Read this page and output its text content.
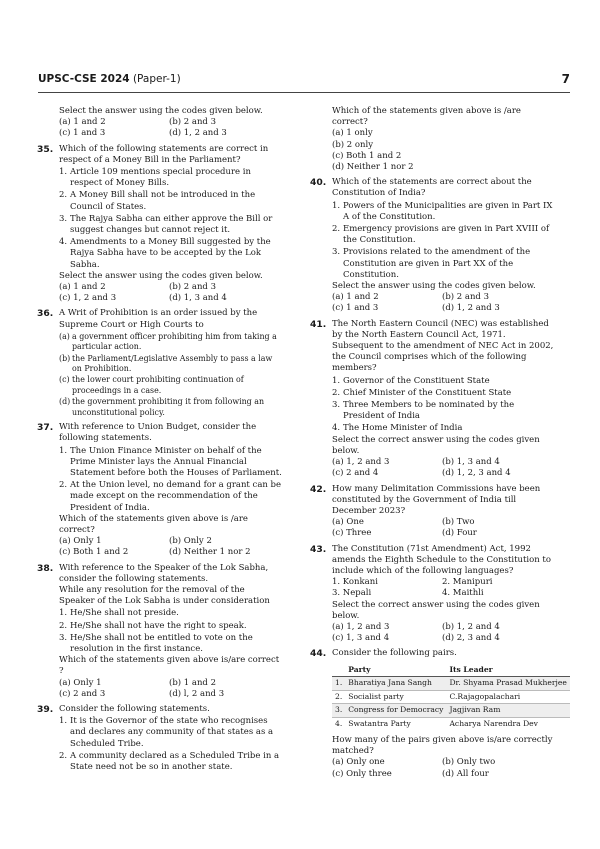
UPSC-CSE 2024 (Paper-1)	7
Select the answer using the codes given below.
(a) 1 and 2	(b) 2 and 3
(c) 1 and 3	(d) 1, 2 and 3
35. Which of the following statements are correct in respect of a Money Bill in the Parliament?
1. Article 109 mentions special procedure in respect of Money Bills.
2. A Money Bill shall not be introduced in the Council of States.
3. The Rajya Sabha can either approve the Bill or suggest changes but cannot reject it.
4. Amendments to a Money Bill suggested by the Rajya Sabha have to be accepted by the Lok Sabha.
Select the answer using the codes given below.
(a) 1 and 2	(b) 2 and 3
(c) 1, 2 and 3	(d) 1, 3 and 4
36. A Writ of Prohibition is an order issued by the Supreme Court or High Courts to
(a) a government officer prohibiting him from taking a particular action.
(b) the Parliament/Legislative Assembly to pass a law on Prohibition.
(c) the lower court prohibiting continuation of proceedings in a case.
(d) the government prohibiting it from following an unconstitutional policy.
37. With reference to Union Budget, consider the following statements.
1. The Union Finance Minister on behalf of the Prime Minister lays the Annual Financial Statement before both the Houses of Parliament.
2. At the Union level, no demand for a grant can be made except on the recommendation of the President of India.
Which of the statements given above is /are correct?
(a) Only 1	(b) Only 2
(c) Both 1 and 2	(d) Neither 1 nor 2
38. With reference to the Speaker of the Lok Sabha, consider the following statements.
While any resolution for the removal of the Speaker of the Lok Sabha is under consideration
1. He/She shall not preside.
2. He/She shall not have the right to speak.
3. He/She shall not be entitled to vote on the resolution in the first instance.
Which of the statements given above is/are correct ?
(a) Only 1	(b) 1 and 2
(c) 2 and 3	(d) l, 2 and 3
39. Consider the following statements.
1. It is the Governor of the state who recognises and declares any community of that states as a Scheduled Tribe.
2. A community declared as a Scheduled Tribe in a State need not be so in another state.
Which of the statements given above is /are correct?
(a) 1 only
(b) 2 only
(c) Both 1 and 2
(d) Neither 1 nor 2
40. Which of the statements are correct about the Constitution of India?
1. Powers of the Municipalities are given in Part IX A of the Constitution.
2. Emergency provisions are given in Part XVIII of the Constitution.
3. Provisions related to the amendment of the Constitution are given in Part XX of the Constitution.
Select the answer using the codes given below.
(a) 1 and 2	(b) 2 and 3
(c) 1 and 3	(d) 1, 2 and 3
41. The North Eastern Council (NEC) was established by the North Eastern Council Act, 1971. Subsequent to the amendment of NEC Act in 2002, the Council comprises which of the following members?
1. Governor of the Constituent State
2. Chief Minister of the Constituent State
3. Three Members to be nominated by the President of India
4. The Home Minister of India
Select the correct answer using the codes given below.
(a) 1, 2 and 3	(b) 1, 3 and 4
(c) 2 and 4	(d) 1, 2, 3 and 4
42. How many Delimitation Commissions have been constituted by the Government of India till December 2023?
(a) One	(b) Two
(c) Three	(d) Four
43. The Constitution (71st Amendment) Act, 1992 amends the Eighth Schedule to the Constitution to include which of the following languages?
1. Konkani	2. Manipuri
3. Nepali	4. Maithli
Select the correct answer using the codes given below.
(a) 1, 2 and 3	(b) 1, 2 and 4
(c) 1, 3 and 4	(d) 2, 3 and 4
44. Consider the following pairs.
	Party	Its Leader
1.	Bharatiya Jana Sangh	Dr. Shyama Prasad Mukherjee
2.	Socialist party	C.Rajagopalachari
3.	Congress for Democracy	Jagjivan Ram
4.	Swatantra Party	Acharya Narendra Dev
How many of the pairs given above is/are correctly matched?
(a) Only one	(b) Only two
(c) Only three	(d) All four
